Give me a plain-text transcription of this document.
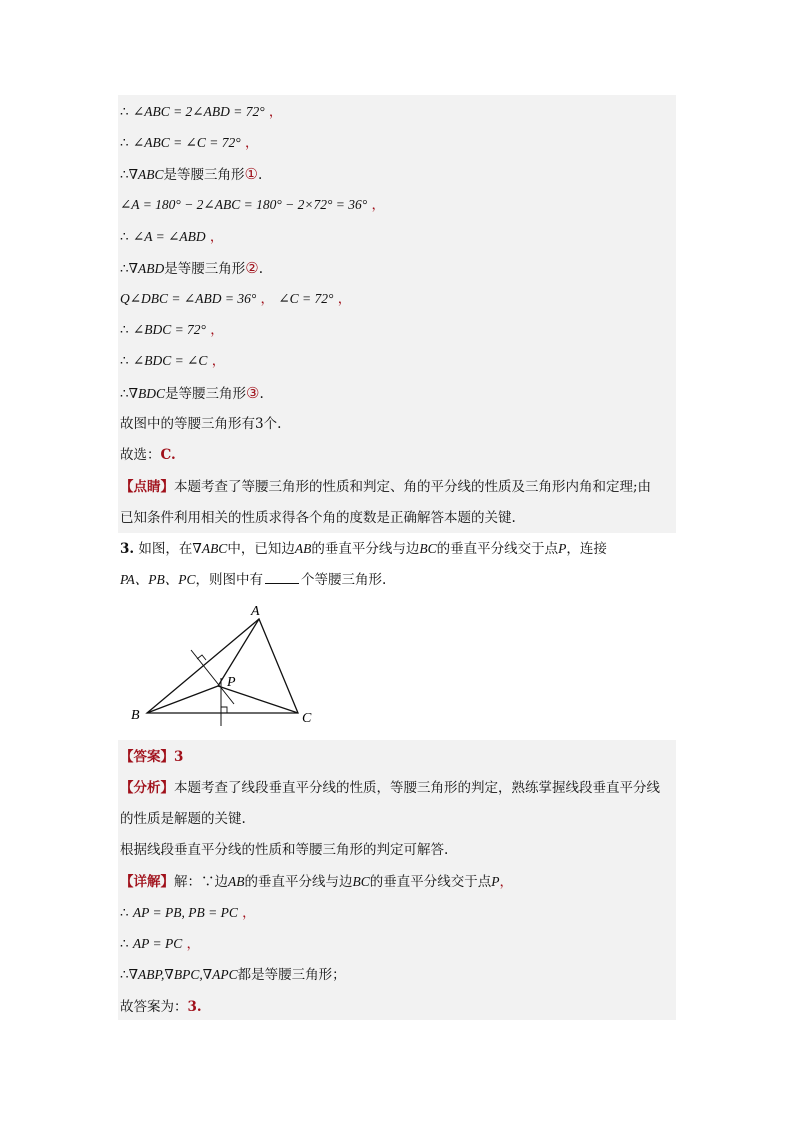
∴ ∠ABC = 2∠ABD = 72° ，
∴ ∠ABC = ∠C = 72° ，
∴∇ABC是等腰三角形①.
∠A = 180° − 2∠ABC = 180° − 2×72° = 36° ，
∴ ∠A = ∠ABD ，
∴∇ABD是等腰三角形②.
Q∠DBC = ∠ABD = 36° ， ∠C = 72° ，
∴ ∠BDC = 72° ，
∴ ∠BDC = ∠C ，
∴∇BDC是等腰三角形③.
故图中的等腰三角形有3个.
故选：C.
【点睛】本题考查了等腰三角形的性质和判定、角的平分线的性质及三角形内角和定理;由
已知条件利用相关的性质求得各个角的度数是正确解答本题的关键.
3. 如图，在∇ABC中，已知边AB的垂直平分线与边BC的垂直平分线交于点P，连接
PA、PB、PC，则图中有	个等腰三角形.
A
B	C
P
【答案】3
【分析】本题考查了线段垂直平分线的性质，等腰三角形的判定，熟练掌握线段垂直平分线
的性质是解题的关键.
根据线段垂直平分线的性质和等腰三角形的判定可解答.
【详解】解：∵边AB的垂直平分线与边BC的垂直平分线交于点P，
∴ AP = PB, PB = PC ，
∴ AP = PC ，
∴∇ABP,∇BPC,∇APC都是等腰三角形；
故答案为：3.
